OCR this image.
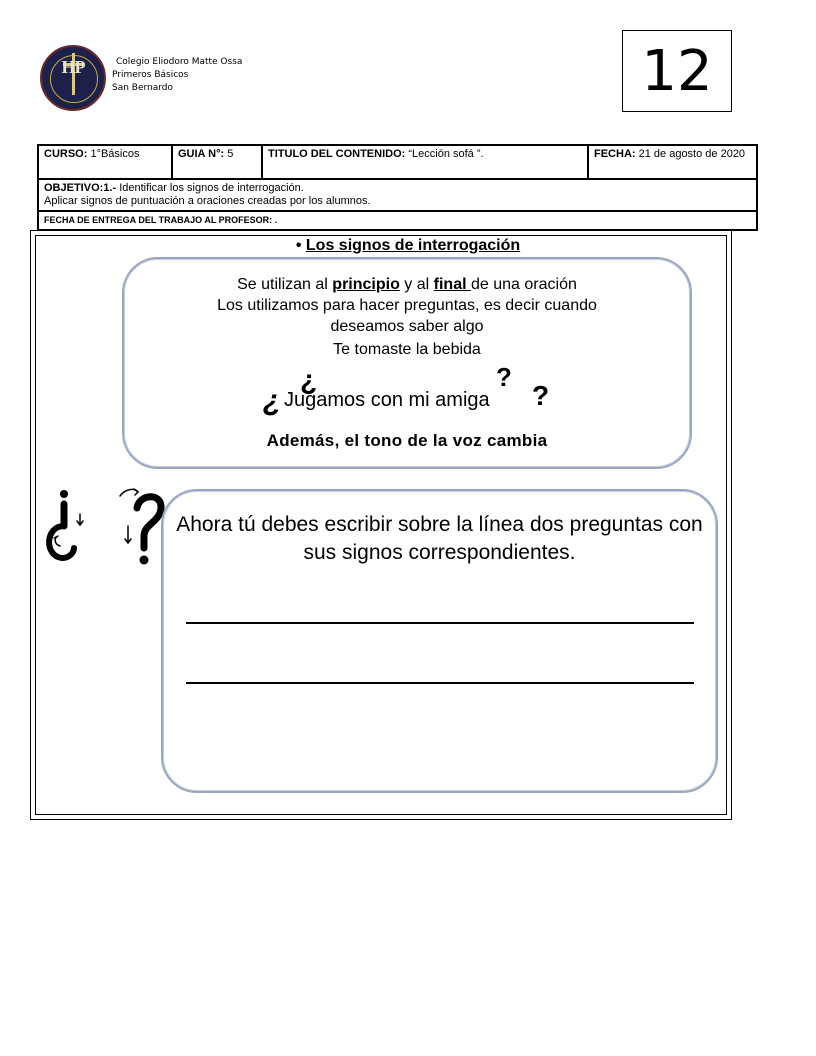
HP	Colegio Eliodoro Matte Ossa
Primeros Básicos
San Bernardo	12
CURSO: 1°Básicos	GUIA N°: 5	TITULO DEL CONTENIDO: “Lección sofá ”.	FECHA: 21 de agosto de 2020
OBJETIVO:1.- Identificar los signos de interrogación.
Aplicar signos de puntuación a oraciones creadas por los alumnos.
FECHA DE ENTREGA DEL TRABAJO AL PROFESOR: .
• Los signos de interrogación
Se utilizan al principio y al final de una oración
Los utilizamos para hacer preguntas, es decir cuando
deseamos saber algo
Te tomaste la bebida
¿	?
¿ Jugamos con mi amiga ?
Además, el tono de la voz cambia
Ahora tú debes escribir sobre la línea dos preguntas con sus signos correspondientes.
